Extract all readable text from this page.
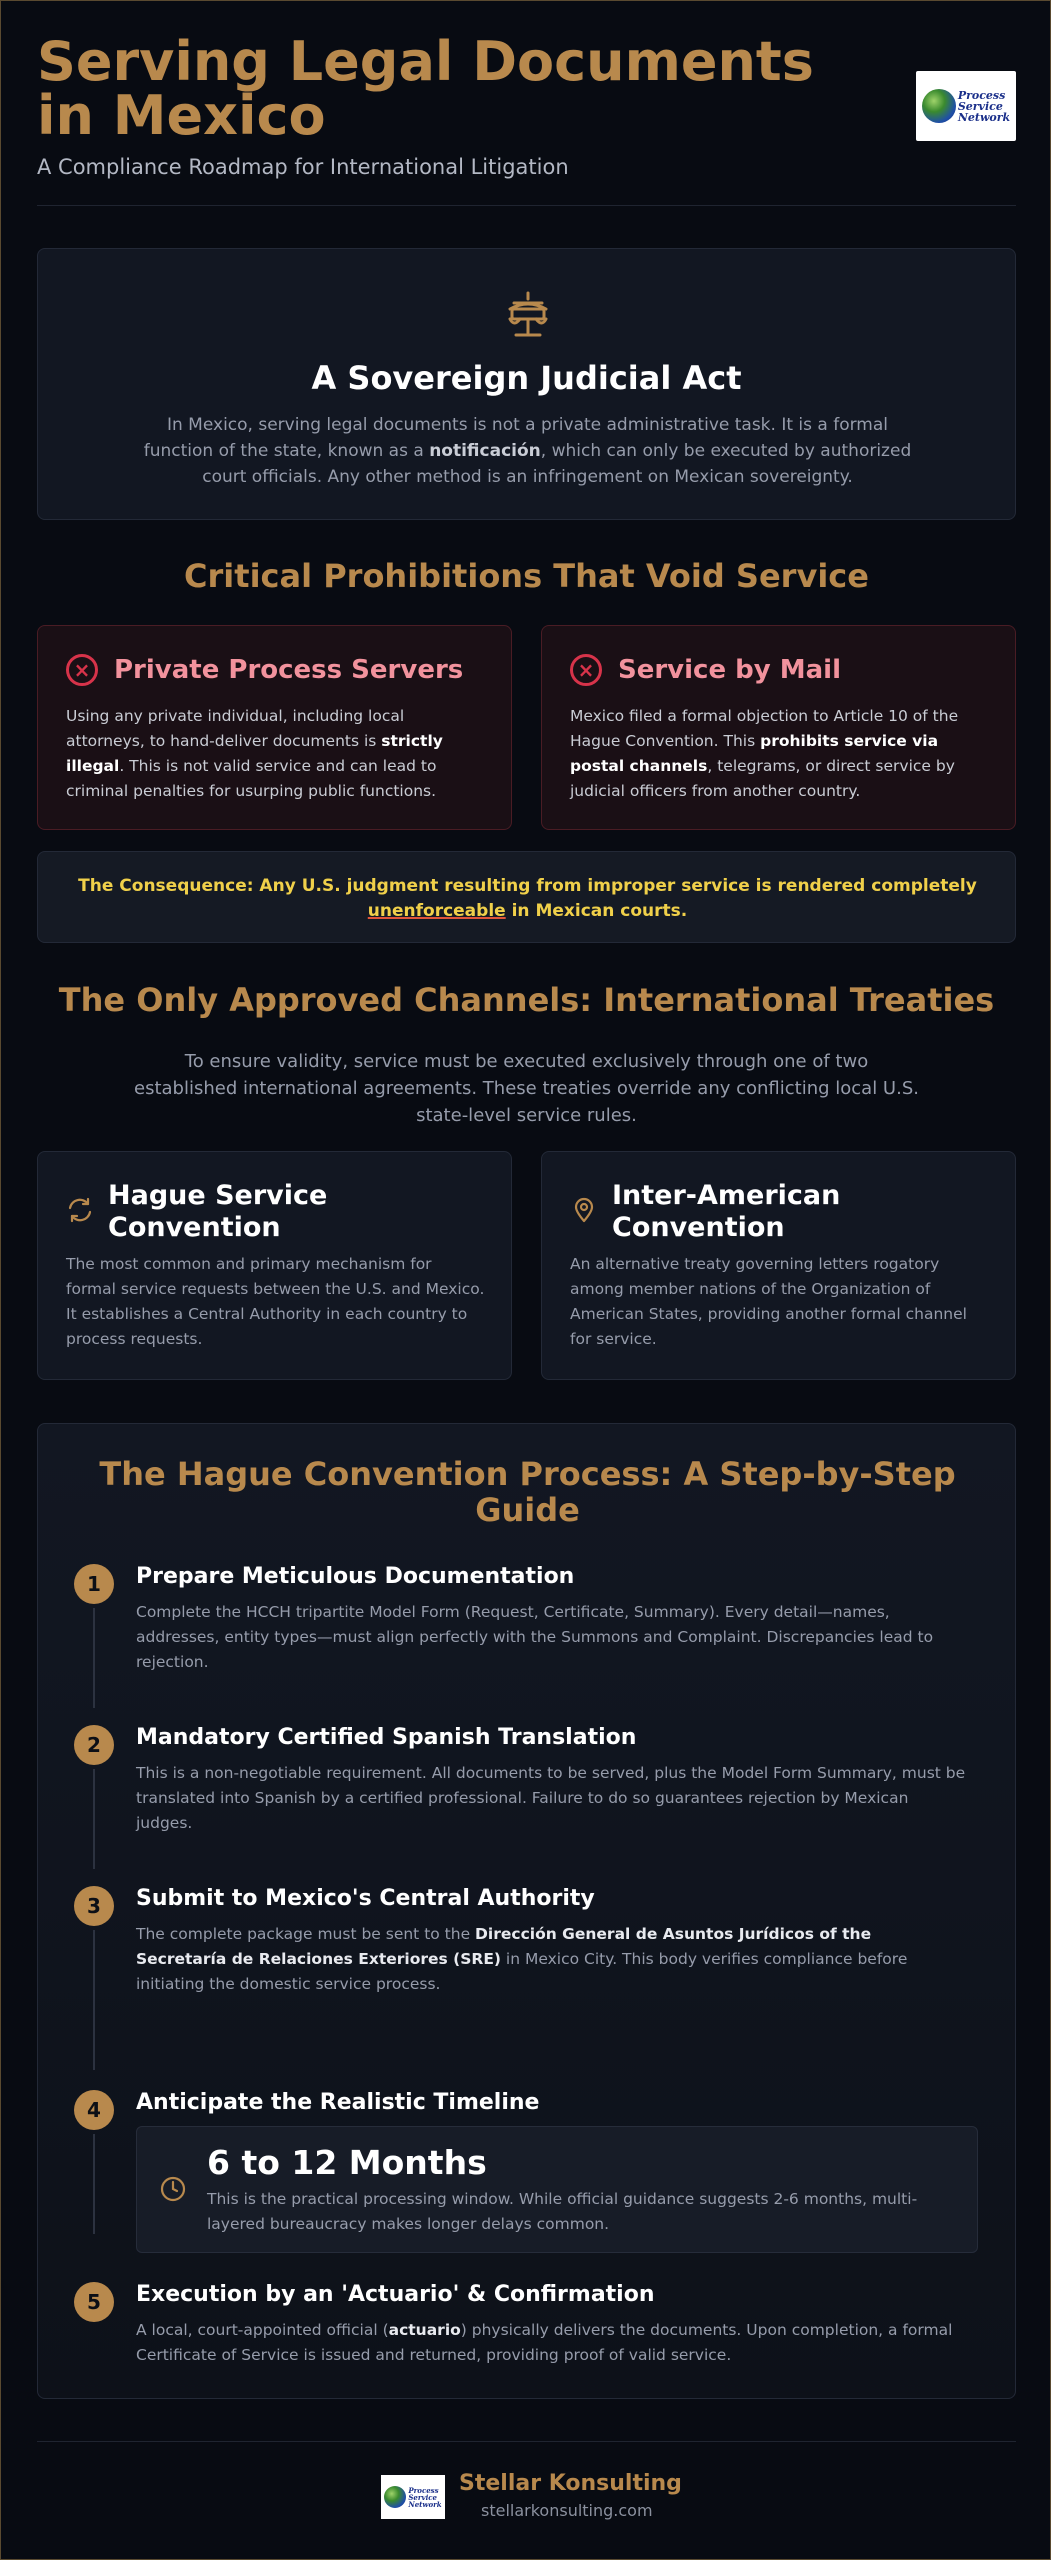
Serving Legal Documents in Mexico
A Compliance Roadmap for International Litigation
Process
Service
Network
A Sovereign Judicial Act
In Mexico, serving legal documents is not a private administrative task. It is a formal function of the state, known as a notificación, which can only be executed by authorized court officials. Any other method is an infringement on Mexican sovereignty.
Critical Prohibitions That Void Service
× Private Process Servers
Using any private individual, including local attorneys, to hand-deliver documents is strictly illegal. This is not valid service and can lead to criminal penalties for usurping public functions.
× Service by Mail
Mexico filed a formal objection to Article 10 of the Hague Convention. This prohibits service via postal channels, telegrams, or direct service by judicial officers from another country.
The Consequence: Any U.S. judgment resulting from improper service is rendered completely unenforceable in Mexican courts.
The Only Approved Channels: International Treaties
To ensure validity, service must be executed exclusively through one of two established international agreements. These treaties override any conflicting local U.S. state-level service rules.
Hague Service Convention
The most common and primary mechanism for formal service requests between the U.S. and Mexico. It establishes a Central Authority in each country to process requests.
Inter-American Convention
An alternative treaty governing letters rogatory among member nations of the Organization of American States, providing another formal channel for service.
The Hague Convention Process: A Step-by-Step Guide
1	Prepare Meticulous Documentation
Complete the HCCH tripartite Model Form (Request, Certificate, Summary). Every detail—names, addresses, entity types—must align perfectly with the Summons and Complaint. Discrepancies lead to rejection.
2	Mandatory Certified Spanish Translation
This is a non-negotiable requirement. All documents to be served, plus the Model Form Summary, must be translated into Spanish by a certified professional. Failure to do so guarantees rejection by Mexican judges.
3	Submit to Mexico's Central Authority
The complete package must be sent to the Dirección General de Asuntos Jurídicos of the Secretaría de Relaciones Exteriores (SRE) in Mexico City. This body verifies compliance before initiating the domestic service process.
4	Anticipate the Realistic Timeline
6 to 12 Months
This is the practical processing window. While official guidance suggests 2-6 months, multi-layered bureaucracy makes longer delays common.
5	Execution by an 'Actuario' & Confirmation
A local, court-appointed official (actuario) physically delivers the documents. Upon completion, a formal Certificate of Service is issued and returned, providing proof of valid service.
Process
Service
Network
Stellar Konsulting
stellarkonsulting.com
